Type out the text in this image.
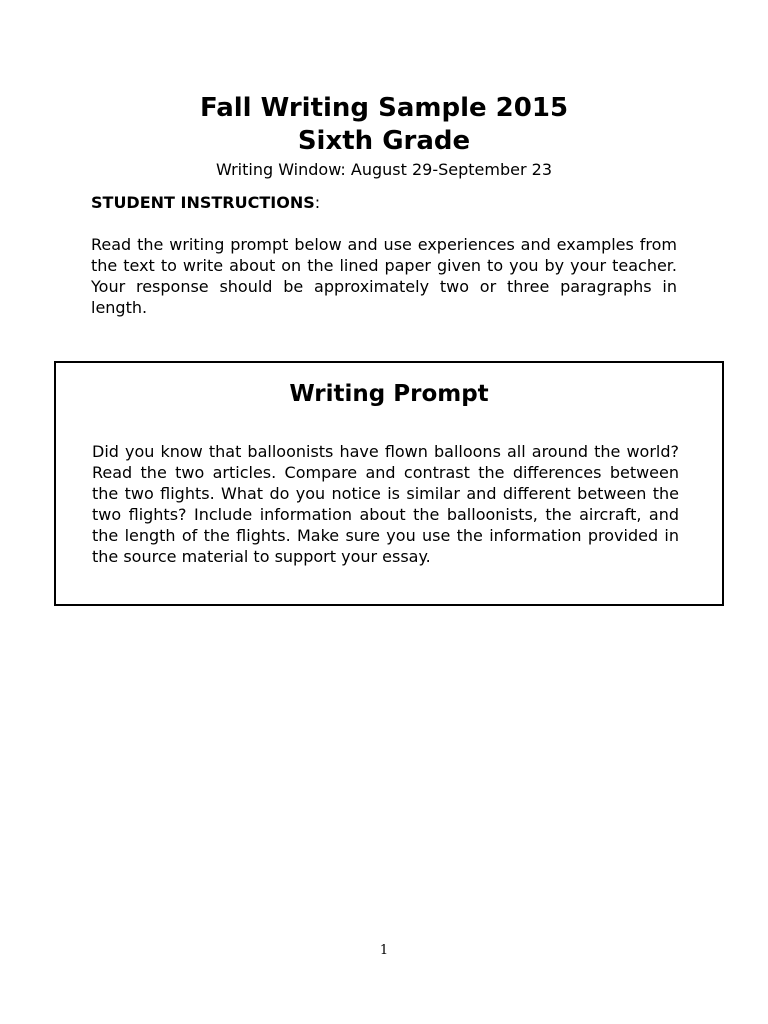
Fall Writing Sample 2015
Sixth Grade
Writing Window: August 29-September 23
STUDENT INSTRUCTIONS:

Read the writing prompt below and use experiences and examples from the text to write about on the lined paper given to you by your teacher. Your response should be approximately two or three paragraphs in length.

Writing Prompt

Did you know that balloonists have flown balloons all around the world? Read the two articles. Compare and contrast the differences between the two flights. What do you notice is similar and different between the two flights? Include information about the balloonists, the aircraft, and the length of the flights. Make sure you use the information provided in the source material to support your essay.

1
